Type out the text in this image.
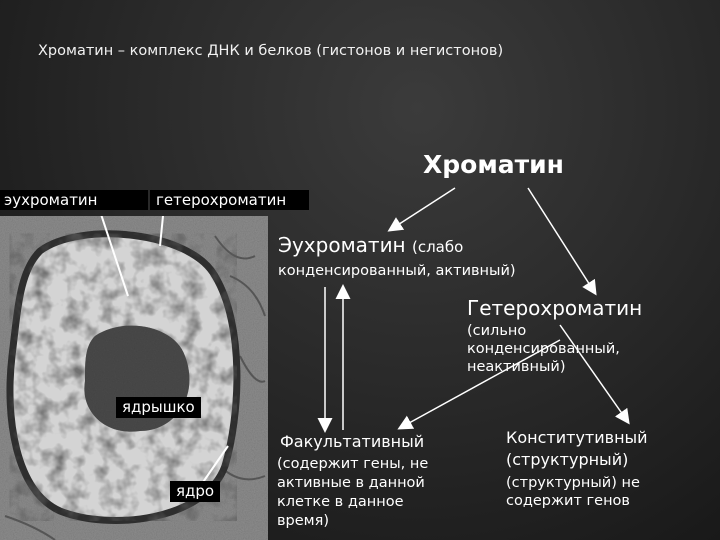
Хроматин – комплекс ДНК и белков (гистонов и негистонов)
Хроматин
эухроматин	гетерохроматин
ядрышко
ядро
Эухроматин (слабо
конденсированный, активный)
Гетерохроматин
(сильно
конденсированный,
неактивный)
Факультативный
(содержит гены, не
активные в данной
клетке в данное
время)
Конститутивный
(структурный)
(структурный) не
содержит генов
